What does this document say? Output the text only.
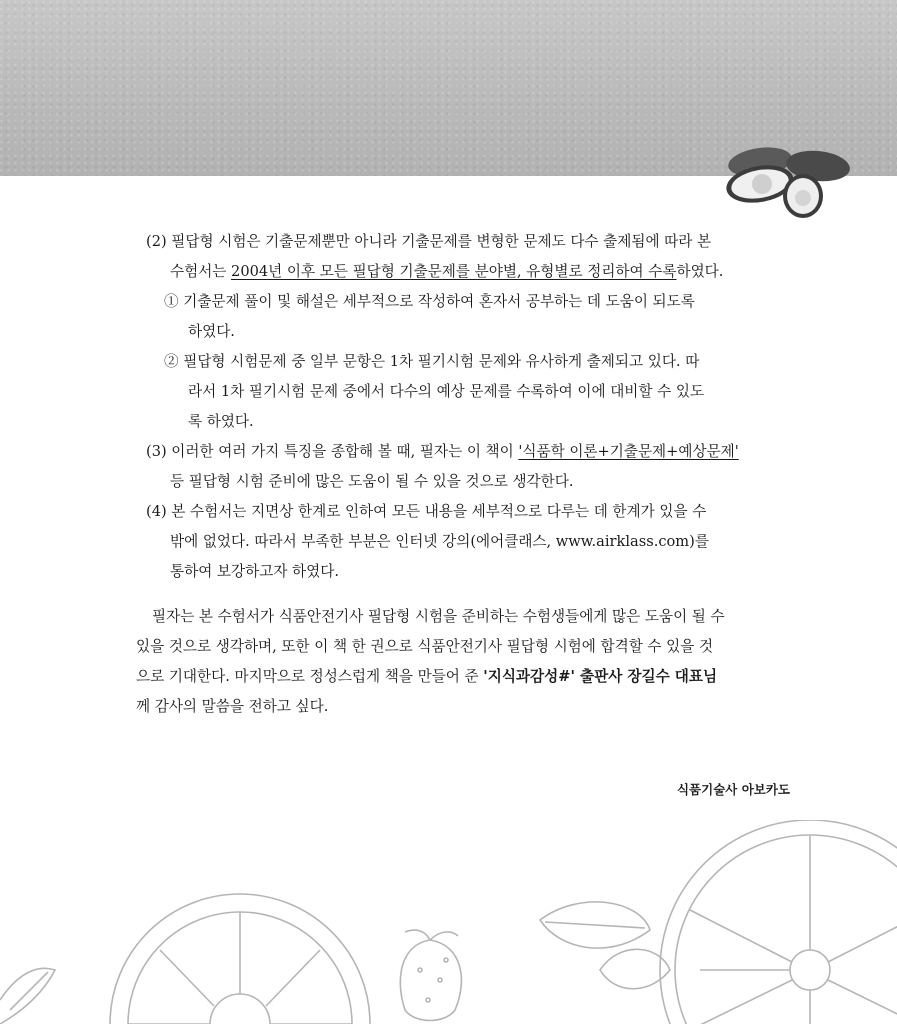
(2) 필답형 시험은 기출문제뿐만 아니라 기출문제를 변형한 문제도 다수 출제됨에 따라 본
수험서는 2004년 이후 모든 필답형 기출문제를 분야별, 유형별로 정리하여 수록하였다.
① 기출문제 풀이 및 해설은 세부적으로 작성하여 혼자서 공부하는 데 도움이 되도록
하였다.
② 필답형 시험문제 중 일부 문항은 1차 필기시험 문제와 유사하게 출제되고 있다. 따
라서 1차 필기시험 문제 중에서 다수의 예상 문제를 수록하여 이에 대비할 수 있도
록 하였다.
(3) 이러한 여러 가지 특징을 종합해 볼 때, 필자는 이 책이 '식품학 이론+기출문제+예상문제'
등 필답형 시험 준비에 많은 도움이 될 수 있을 것으로 생각한다.
(4) 본 수험서는 지면상 한계로 인하여 모든 내용을 세부적으로 다루는 데 한계가 있을 수
밖에 없었다. 따라서 부족한 부분은 인터넷 강의(에어클래스, www.airklass.com)를
통하여 보강하고자 하였다.
필자는 본 수험서가 식품안전기사 필답형 시험을 준비하는 수험생들에게 많은 도움이 될 수
있을 것으로 생각하며, 또한 이 책 한 권으로 식품안전기사 필답형 시험에 합격할 수 있을 것
으로 기대한다. 마지막으로 정성스럽게 책을 만들어 준 '지식과감성#' 출판사 장길수 대표님
께 감사의 말씀을 전하고 싶다.
식품기술사 아보카도
